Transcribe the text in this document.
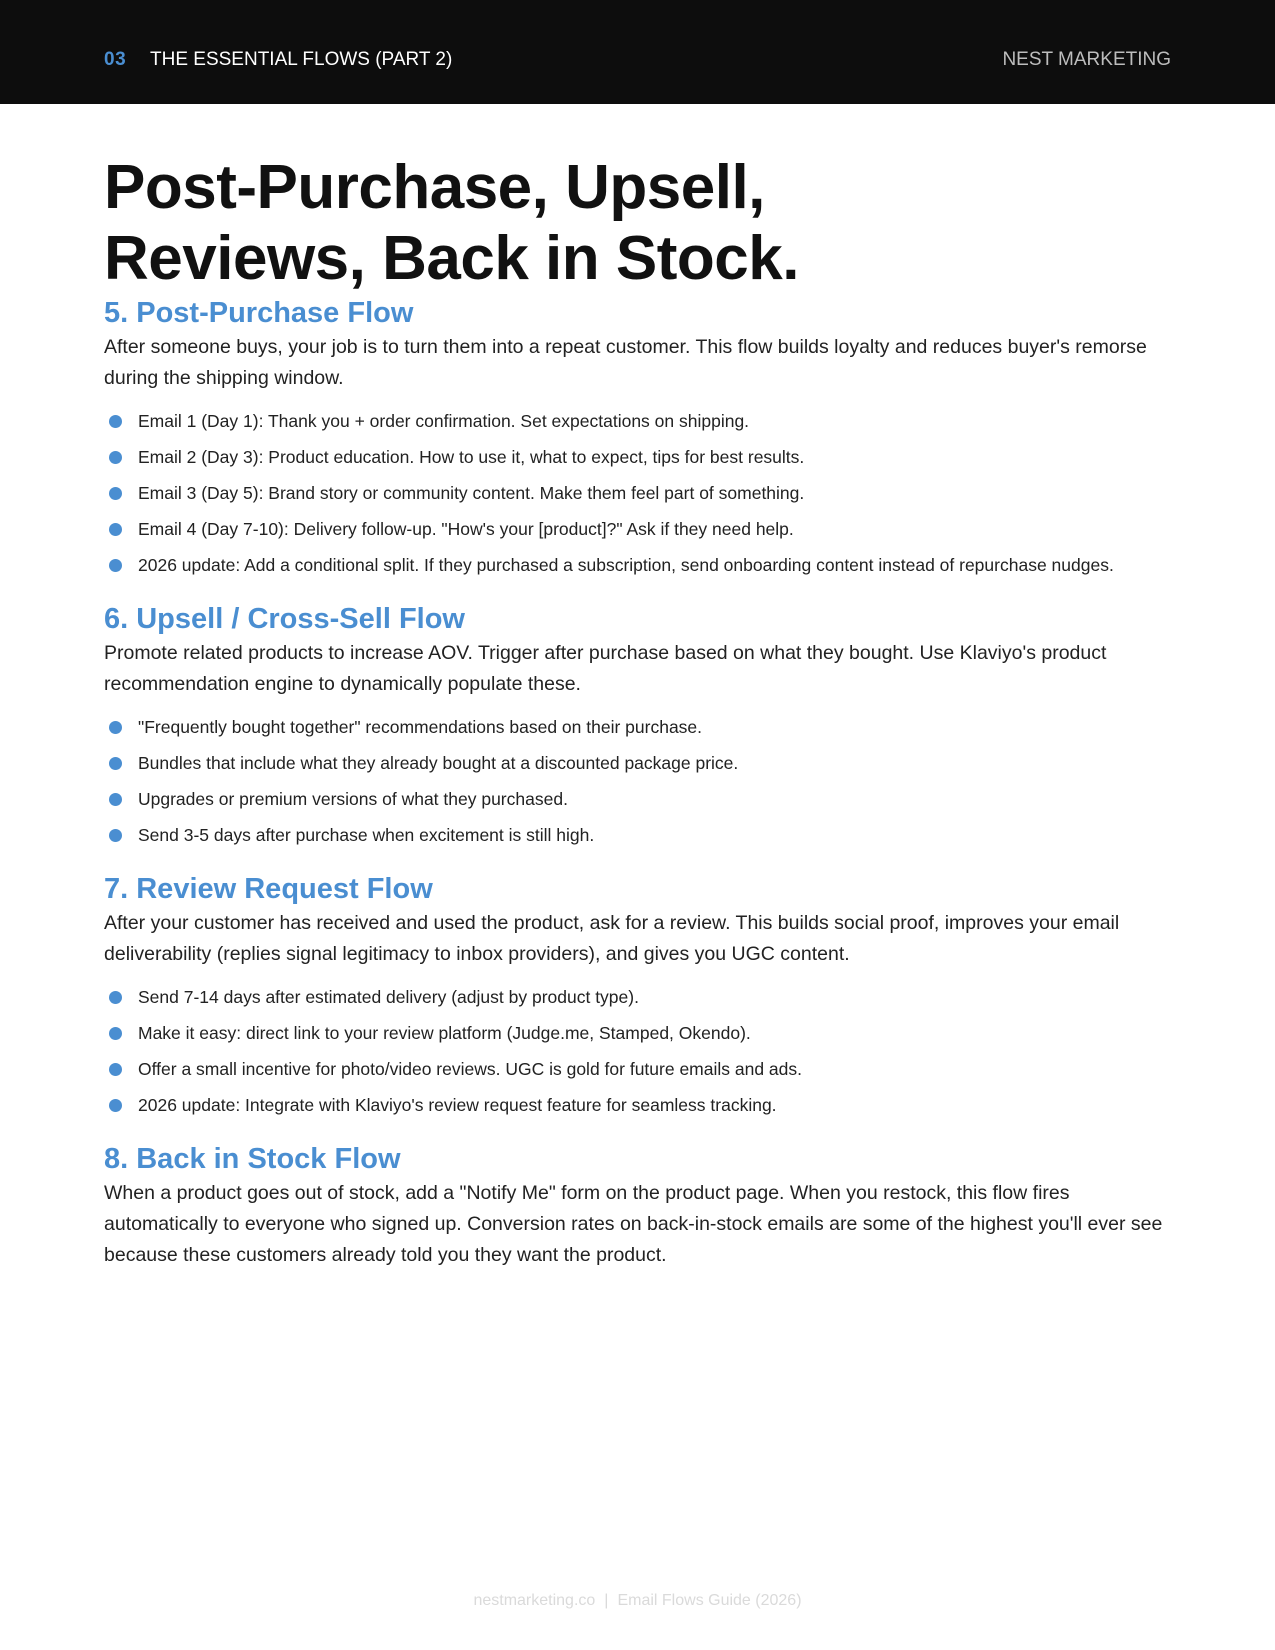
03 THE ESSENTIAL FLOWS (PART 2)	NEST MARKETING
Post-Purchase, Upsell,
Reviews, Back in Stock.
5. Post-Purchase Flow

After someone buys, your job is to turn them into a repeat customer. This flow builds loyalty and reduces buyer's remorse during the shipping window.

Email 1 (Day 1): Thank you + order confirmation. Set expectations on shipping.
Email 2 (Day 3): Product education. How to use it, what to expect, tips for best results.
Email 3 (Day 5): Brand story or community content. Make them feel part of something.
Email 4 (Day 7-10): Delivery follow-up. "How's your [product]?" Ask if they need help.
2026 update: Add a conditional split. If they purchased a subscription, send onboarding content instead of repurchase nudges.
6. Upsell / Cross-Sell Flow

Promote related products to increase AOV. Trigger after purchase based on what they bought. Use Klaviyo's product recommendation engine to dynamically populate these.

"Frequently bought together" recommendations based on their purchase.
Bundles that include what they already bought at a discounted package price.
Upgrades or premium versions of what they purchased.
Send 3-5 days after purchase when excitement is still high.
7. Review Request Flow

After your customer has received and used the product, ask for a review. This builds social proof, improves your email deliverability (replies signal legitimacy to inbox providers), and gives you UGC content.

Send 7-14 days after estimated delivery (adjust by product type).
Make it easy: direct link to your review platform (Judge.me, Stamped, Okendo).
Offer a small incentive for photo/video reviews. UGC is gold for future emails and ads.
2026 update: Integrate with Klaviyo's review request feature for seamless tracking.
8. Back in Stock Flow

When a product goes out of stock, add a "Notify Me" form on the product page. When you restock, this flow fires automatically to everyone who signed up. Conversion rates on back-in-stock emails are some of the highest you'll ever see because these customers already told you they want the product.

nestmarketing.co | Email Flows Guide (2026)
